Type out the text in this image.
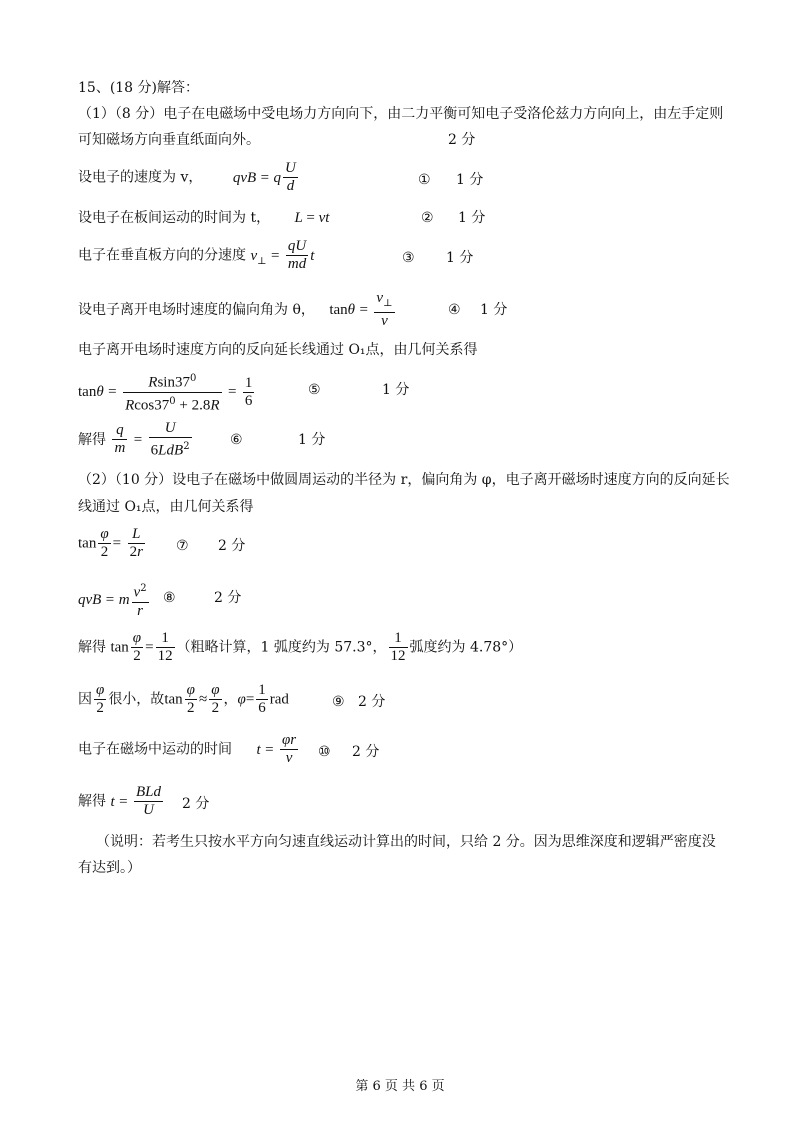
15、(18 分)解答：
（1）（8 分）电子在电磁场中受电场力方向向下，由二力平衡可知电子受洛伦兹力方向向上，由左手定则
可知磁场方向垂直纸面向外。	2 分
设电子的速度为 v， qvB = q $\frac{U}{d}$	① 1 分
设电子在板间运动的时间为 t， L = vt	② 1 分
电子在垂直板方向的分速度 $v_\perp = \frac{qU}{md}$ t	③ 1 分
设电子离开电场时速度的偏向角为 θ， $\tan\theta = \frac{v_\perp}{v}$	④ 1 分
电子离开电场时速度方向的反向延长线通过 O₁点，由几何关系得
$\tan\theta = \frac{Rsin37^0}{Rcos37^0 + 2.8R} = \frac{1}{6}$	⑤	1 分
解得 $\frac{q}{m} = \frac{U}{6LdB^2}$	⑥	1 分
（2）（10 分）设电子在磁场中做圆周运动的半径为 r，偏向角为 φ，电子离开磁场时速度方向的反向延长
线通过 O₁点，由几何关系得
$\tan \frac{\varphi}{2} = \frac{L}{2r}$ ⑦ 2 分
qvB = m $\frac{v^2}{r}$ ⑧	2 分
解得 $\tan \frac{\varphi}{2} = \frac{1}{12}$ （粗略计算，1 弧度约为 57.3°， $\frac{1}{12}$ 弧度约为 4.78°）
因 $\frac{\varphi}{2}$ 很小，故$\tan \frac{\varphi}{2} \approx \frac{\varphi}{2}$ ，$\varphi= \frac{1}{6}$ rad	⑨ 2 分
电子在磁场中运动的时间 $t = \frac{\varphi r}{v}$ ⑩ 2 分
解得 $t = \frac{\text{BLd}}{U} 2$ 分
（说明：若考生只按水平方向匀速直线运动计算出的时间，只给 2 分。因为思维深度和逻辑严密度没
有达到。）
第 6 页 共 6 页
